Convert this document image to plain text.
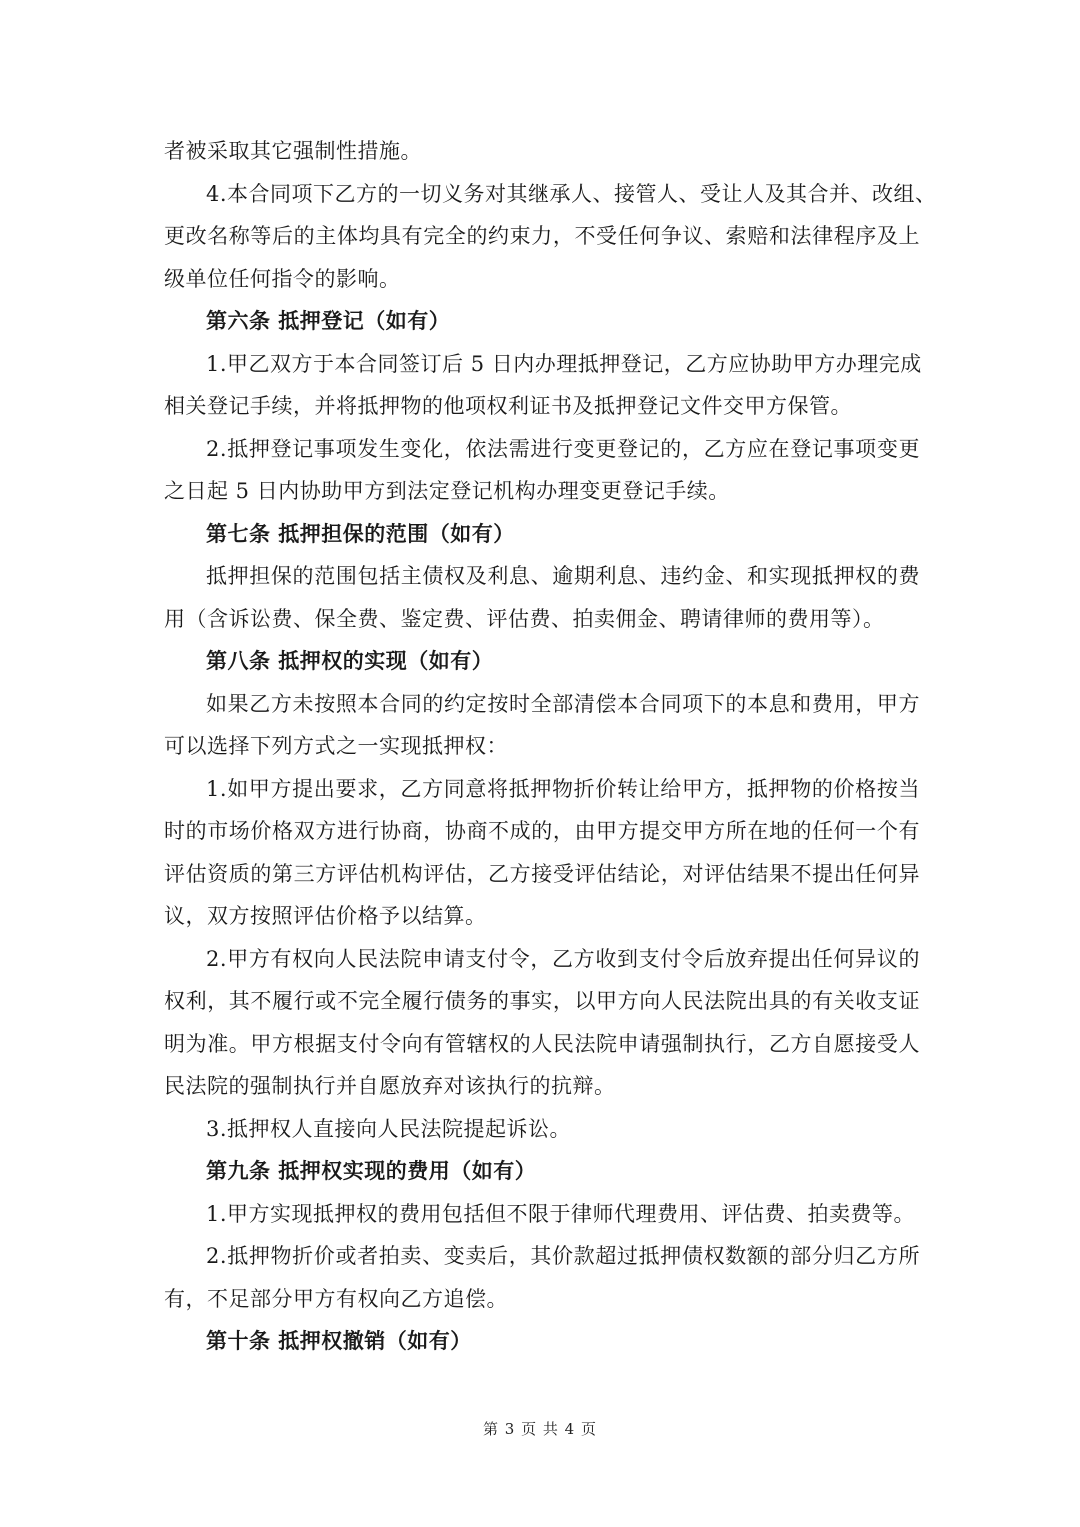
者被采取其它强制性措施。
4.本合同项下乙方的一切义务对其继承人、接管人、受让人及其合并、改组、
更改名称等后的主体均具有完全的约束力，不受任何争议、索赔和法律程序及上
级单位任何指令的影响。
第六条 抵押登记（如有）
1.甲乙双方于本合同签订后 5 日内办理抵押登记，乙方应协助甲方办理完成
相关登记手续，并将抵押物的他项权利证书及抵押登记文件交甲方保管。
2.抵押登记事项发生变化，依法需进行变更登记的，乙方应在登记事项变更
之日起 5 日内协助甲方到法定登记机构办理变更登记手续。
第七条 抵押担保的范围（如有）
抵押担保的范围包括主债权及利息、逾期利息、违约金、和实现抵押权的费
用（含诉讼费、保全费、鉴定费、评估费、拍卖佣金、聘请律师的费用等）。
第八条 抵押权的实现（如有）
如果乙方未按照本合同的约定按时全部清偿本合同项下的本息和费用，甲方
可以选择下列方式之一实现抵押权：
1.如甲方提出要求，乙方同意将抵押物折价转让给甲方，抵押物的价格按当
时的市场价格双方进行协商，协商不成的，由甲方提交甲方所在地的任何一个有
评估资质的第三方评估机构评估，乙方接受评估结论，对评估结果不提出任何异
议，双方按照评估价格予以结算。
2.甲方有权向人民法院申请支付令，乙方收到支付令后放弃提出任何异议的
权利，其不履行或不完全履行债务的事实，以甲方向人民法院出具的有关收支证
明为准。甲方根据支付令向有管辖权的人民法院申请强制执行，乙方自愿接受人
民法院的强制执行并自愿放弃对该执行的抗辩。
3.抵押权人直接向人民法院提起诉讼。
第九条 抵押权实现的费用（如有）
1.甲方实现抵押权的费用包括但不限于律师代理费用、评估费、拍卖费等。
2.抵押物折价或者拍卖、变卖后，其价款超过抵押债权数额的部分归乙方所
有，不足部分甲方有权向乙方追偿。
第十条 抵押权撤销（如有）
第 3 页 共 4 页
